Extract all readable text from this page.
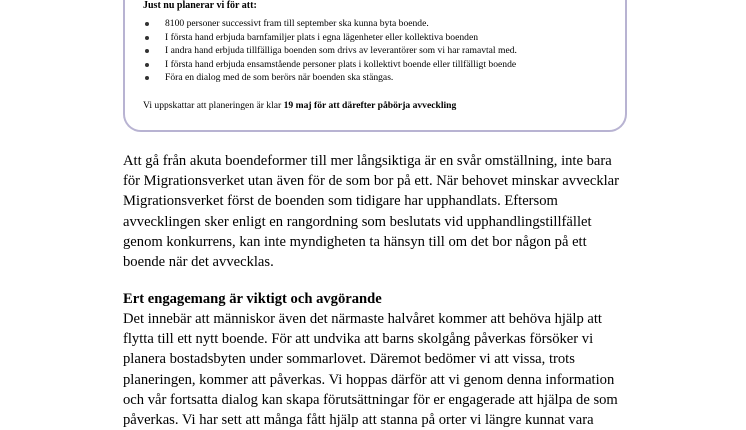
Just nu planerar vi för att:
8100 personer successivt fram till september ska kunna byta boende.
I första hand erbjuda barnfamiljer plats i egna lägenheter eller kollektiva boenden
I andra hand erbjuda tillfälliga boenden som drivs av leverantörer som vi har ramavtal med.
I första hand erbjuda ensamstående personer plats i kollektivt boende eller tillfälligt boende
Föra en dialog med de som berörs när boenden ska stängas.
Vi uppskattar att planeringen är klar 19 maj för att därefter påbörja avveckling

Att gå från akuta boendeformer till mer långsiktiga är en svår omställning, inte bara
för Migrationsverket utan även för de som bor på ett. När behovet minskar avvecklar
Migrationsverket först de boenden som tidigare har upphandlats. Eftersom
avvecklingen sker enligt en rangordning som beslutats vid upphandlingstillfället
genom konkurrens, kan inte myndigheten ta hänsyn till om det bor någon på ett
boende när det avvecklas.

Ert engagemang är viktigt och avgörande

Det innebär att människor även det närmaste halvåret kommer att behöva hjälp att
flytta till ett nytt boende. För att undvika att barns skolgång påverkas försöker vi
planera bostadsbyten under sommarlovet. Däremot bedömer vi att vissa, trots
planeringen, kommer att påverkas. Vi hoppas därför att vi genom denna information
och vår fortsatta dialog kan skapa förutsättningar för er engagerade att hjälpa de som
påverkas. Vi har sett att många fått hjälp att stanna på orter vi längre kunnat vara
